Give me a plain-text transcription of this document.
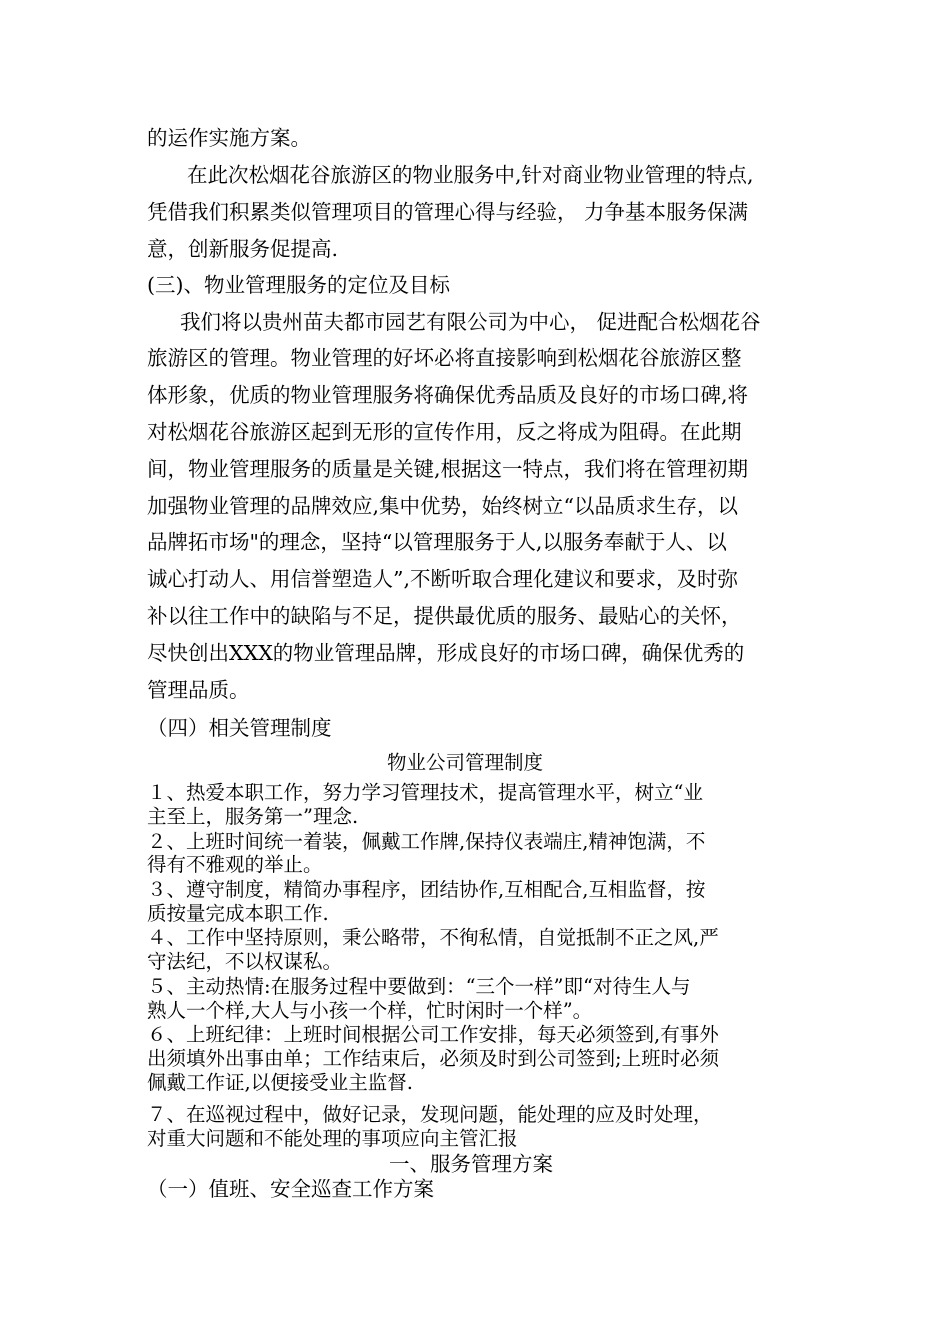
的运作实施方案。

在此次松烟花谷旅游区的物业服务中,针对商业物业管理的特点,

凭借我们积累类似管理项目的管理心得与经验， 力争基本服务保满

意，创新服务促提高.

(三)、物业管理服务的定位及目标

我们将以贵州苗夫都市园艺有限公司为中心， 促进配合松烟花谷

旅游区的管理。物业管理的好坏必将直接影响到松烟花谷旅游区整

体形象，优质的物业管理服务将确保优秀品质及良好的市场口碑,将

对松烟花谷旅游区起到无形的宣传作用，反之将成为阻碍。在此期

间，物业管理服务的质量是关键,根据这一特点，我们将在管理初期

加强物业管理的品牌效应,集中优势，始终树立“以品质求生存，以

品牌拓市场"的理念，坚持“以管理服务于人,以服务奉献于人、以

诚心打动人、用信誉塑造人”,不断听取合理化建议和要求，及时弥

补以往工作中的缺陷与不足，提供最优质的服务、最贴心的关怀，

尽快创出XXX的物业管理品牌，形成良好的市场口碑，确保优秀的

管理品质。

（四）相关管理制度

物业公司管理制度

１、热爱本职工作，努力学习管理技术，提高管理水平，树立“业

主至上，服务第一”理念.

２、上班时间统一着装，佩戴工作牌,保持仪表端庄,精神饱满，不

得有不雅观的举止。

３、遵守制度，精简办事程序，团结协作,互相配合,互相监督，按

质按量完成本职工作.

４、工作中坚持原则，秉公略带，不徇私情，自觉抵制不正之风,严

守法纪，不以权谋私。

５、主动热情:在服务过程中要做到：“三个一样”即“对待生人与

熟人一个样,大人与小孩一个样，忙时闲时一个样”。

６、上班纪律：上班时间根据公司工作安排，每天必须签到,有事外

出须填外出事由单；工作结束后，必须及时到公司签到;上班时必须

佩戴工作证,以便接受业主监督.

７、在巡视过程中，做好记录，发现问题，能处理的应及时处理，

对重大问题和不能处理的事项应向主管汇报

一、服务管理方案

（一）值班、安全巡查工作方案
